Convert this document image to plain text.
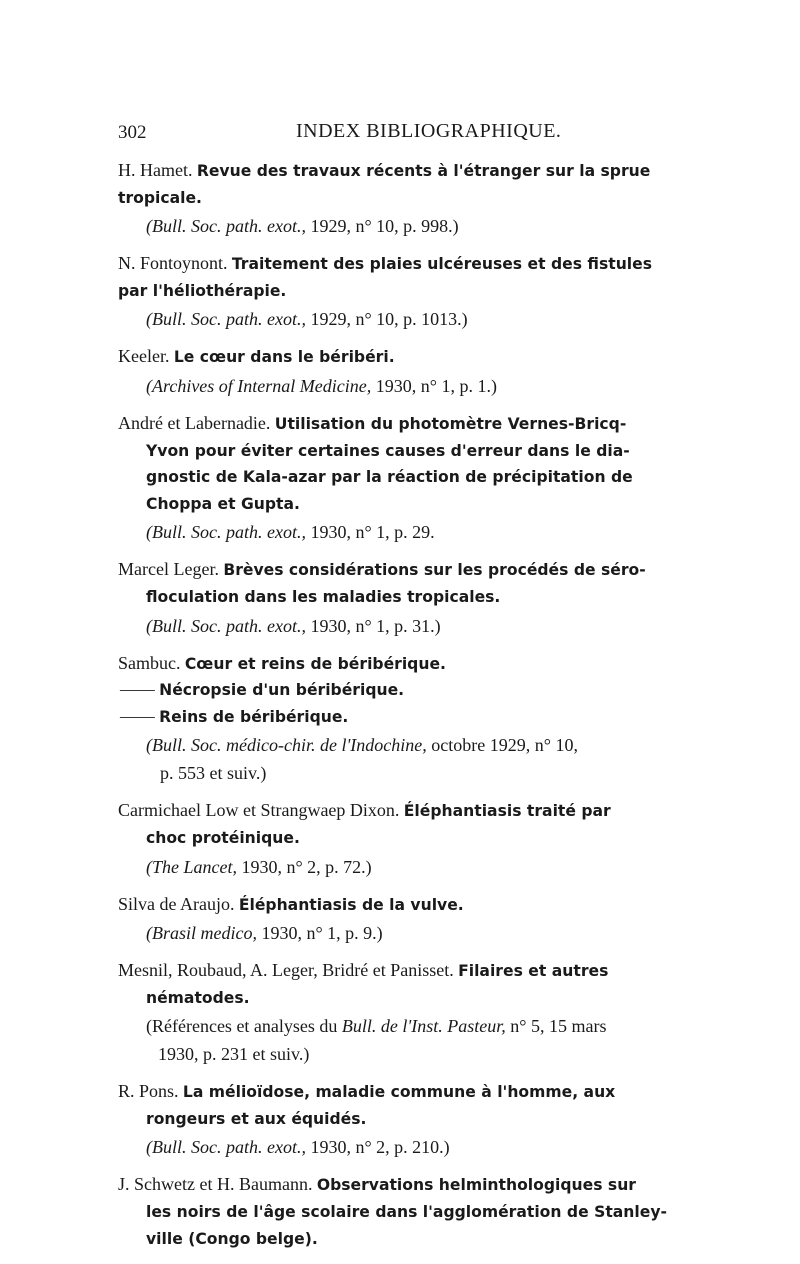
302	INDEX BIBLIOGRAPHIQUE.
H. Hamet. Revue des travaux récents à l'étranger sur la sprue
tropicale.
(Bull. Soc. path. exot., 1929, n° 10, p. 998.)
N. Fontoynont. Traitement des plaies ulcéreuses et des fistules
par l'héliothérapie.
(Bull. Soc. path. exot., 1929, n° 10, p. 1013.)
Keeler. Le cœur dans le béribéri.
(Archives of Internal Medicine, 1930, n° 1, p. 1.)
André et Labernadie. Utilisation du photomètre Vernes-Bricq-
Yvon pour éviter certaines causes d'erreur dans le dia-
gnostic de Kala-azar par la réaction de précipitation de
Choppa et Gupta.
(Bull. Soc. path. exot., 1930, n° 1, p. 29.
Marcel Leger. Brèves considérations sur les procédés de séro-
floculation dans les maladies tropicales.
(Bull. Soc. path. exot., 1930, n° 1, p. 31.)
Sambuc. Cœur et reins de béribérique.
—— Nécropsie d'un béribérique.
—— Reins de béribérique.
(Bull. Soc. médico-chir. de l'Indochine, octobre 1929, n° 10,
p. 553 et suiv.)
Carmichael Low et Strangwaep Dixon. Éléphantiasis traité par
choc protéinique.
(The Lancet, 1930, n° 2, p. 72.)
Silva de Araujo. Éléphantiasis de la vulve.
(Brasil medico, 1930, n° 1, p. 9.)
Mesnil, Roubaud, A. Leger, Bridré et Panisset. Filaires et autres
nématodes.
(Références et analyses du Bull. de l'Inst. Pasteur, n° 5, 15 mars
1930, p. 231 et suiv.)
R. Pons. La mélioïdose, maladie commune à l'homme, aux
rongeurs et aux équidés.
(Bull. Soc. path. exot., 1930, n° 2, p. 210.)
J. Schwetz et H. Baumann. Observations helminthologiques sur
les noirs de l'âge scolaire dans l'agglomération de Stanley-
ville (Congo belge).
